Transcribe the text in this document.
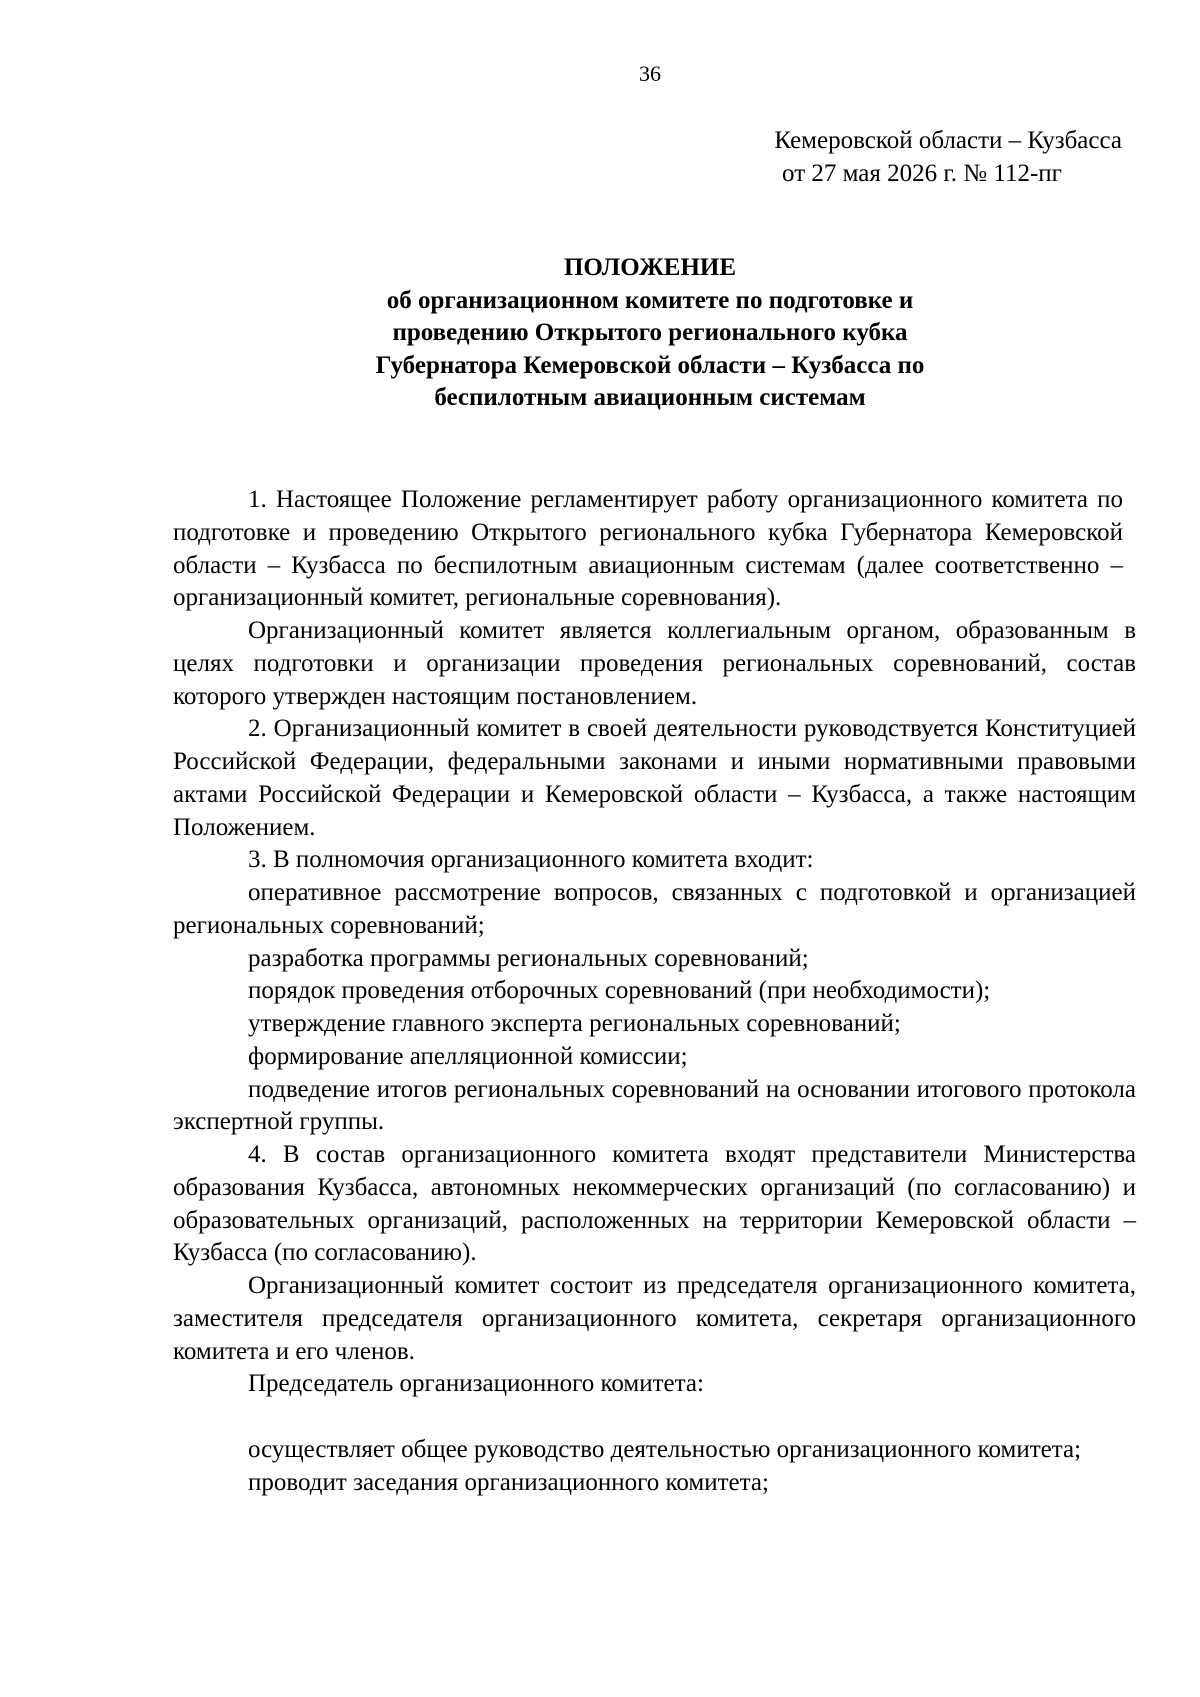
36
Кемеровской области – Кузбасса
от 27 мая 2026 г. № 112-пг
ПОЛОЖЕНИЕ
об организационном комитете по подготовке и
проведению Открытого регионального кубка
Губернатора Кемеровской области – Кузбасса по
беспилотным авиационным системам

1. Настоящее Положение регламентирует работу организационного комитета по подготовке и проведению Открытого регионального кубка Губернатора Кемеровской области – Кузбасса по беспилотным авиационным системам (далее соответственно – организационный комитет, региональные соревнования).

Организационный комитет является коллегиальным органом, образованным в целях подготовки и организации проведения региональных соревнований, состав которого утвержден настоящим постановлением.

2. Организационный комитет в своей деятельности руководствуется Конституцией Российской Федерации, федеральными законами и иными нормативными правовыми актами Российской Федерации и Кемеровской области – Кузбасса, а также настоящим Положением.

3. В полномочия организационного комитета входит:

оперативное рассмотрение вопросов, связанных с подготовкой и организацией региональных соревнований;

разработка программы региональных соревнований;

порядок проведения отборочных соревнований (при необходимости);

утверждение главного эксперта региональных соревнований;

формирование апелляционной комиссии;

подведение итогов региональных соревнований на основании итогового протокола экспертной группы.

4. В состав организационного комитета входят представители Министерства образования Кузбасса, автономных некоммерческих организаций (по согласованию) и образовательных организаций, расположенных на территории Кемеровской области – Кузбасса (по согласованию).

Организационный комитет состоит из председателя организационного комитета, заместителя председателя организационного комитета, секретаря организационного комитета и его членов.

Председатель организационного комитета:

осуществляет общее руководство деятельностью организационного комитета;

проводит заседания организационного комитета;
